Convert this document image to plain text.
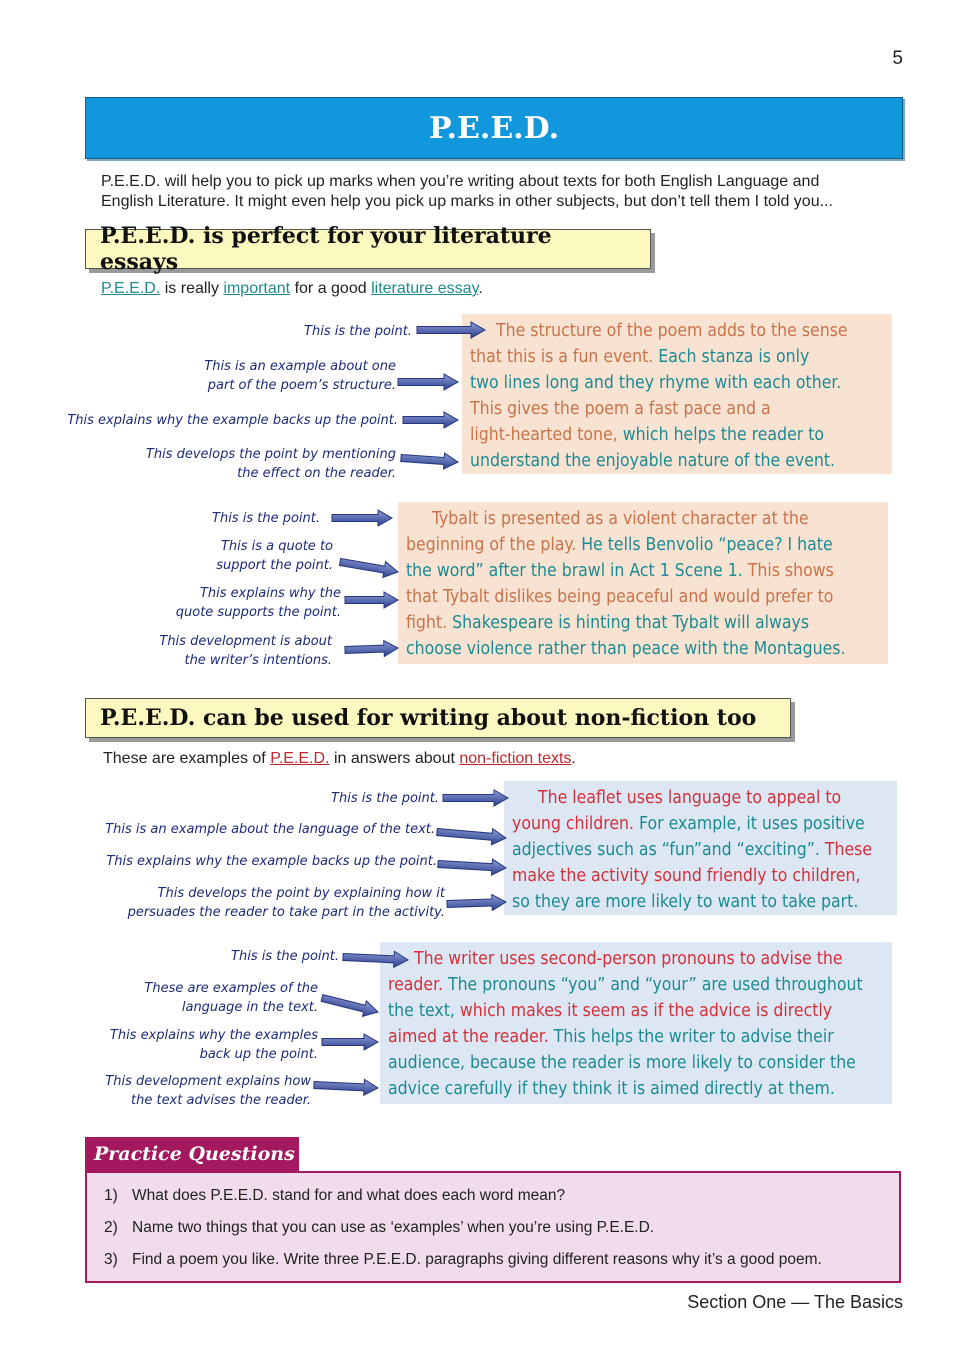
5
P.E.E.D.
P.E.E.D. will help you to pick up marks when you’re writing about texts for both English Language and
English Literature. It might even help you pick up marks in other subjects, but don’t tell them I told you...
P.E.E.D. is perfect for your literature essays
P.E.E.D. is really important for a good literature essay.
This is the point.
This is an example about one
part of the poem’s structure.
This explains why the example backs up the point.
This develops the point by mentioning
the effect on the reader.
The structure of the poem adds to the sense
that this is a fun event. Each stanza is only
two lines long and they rhyme with each other.
This gives the poem a fast pace and a
light-hearted tone, which helps the reader to
understand the enjoyable nature of the event.
This is the point.
This is a quote to
support the point.
This explains why the
quote supports the point.
This development is about
the writer’s intentions.
Tybalt is presented as a violent character at the
beginning of the play. He tells Benvolio “peace? I hate
the word” after the brawl in Act 1 Scene 1. This shows
that Tybalt dislikes being peaceful and would prefer to
fight. Shakespeare is hinting that Tybalt will always
choose violence rather than peace with the Montagues.
P.E.E.D. can be used for writing about non-fiction too
These are examples of P.E.E.D. in answers about non-fiction texts.
This is the point.
This is an example about the language of the text.
This explains why the example backs up the point.
This develops the point by explaining how it
persuades the reader to take part in the activity.
The leaflet uses language to appeal to
young children. For example, it uses positive
adjectives such as “fun”and “exciting”. These
make the activity sound friendly to children,
so they are more likely to want to take part.
This is the point.
These are examples of the
language in the text.
This explains why the examples
back up the point.
This development explains how
the text advises the reader.
The writer uses second-person pronouns to advise the
reader. The pronouns “you” and “your” are used throughout
the text, which makes it seem as if the advice is directly
aimed at the reader. This helps the writer to advise their
audience, because the reader is more likely to consider the
advice carefully if they think it is aimed directly at them.
Practice Questions
1) What does P.E.E.D. stand for and what does each word mean?
2) Name two things that you can use as ‘examples’ when you’re using P.E.E.D.
3) Find a poem you like. Write three P.E.E.D. paragraphs giving different reasons why it’s a good poem.
Section One — The Basics
